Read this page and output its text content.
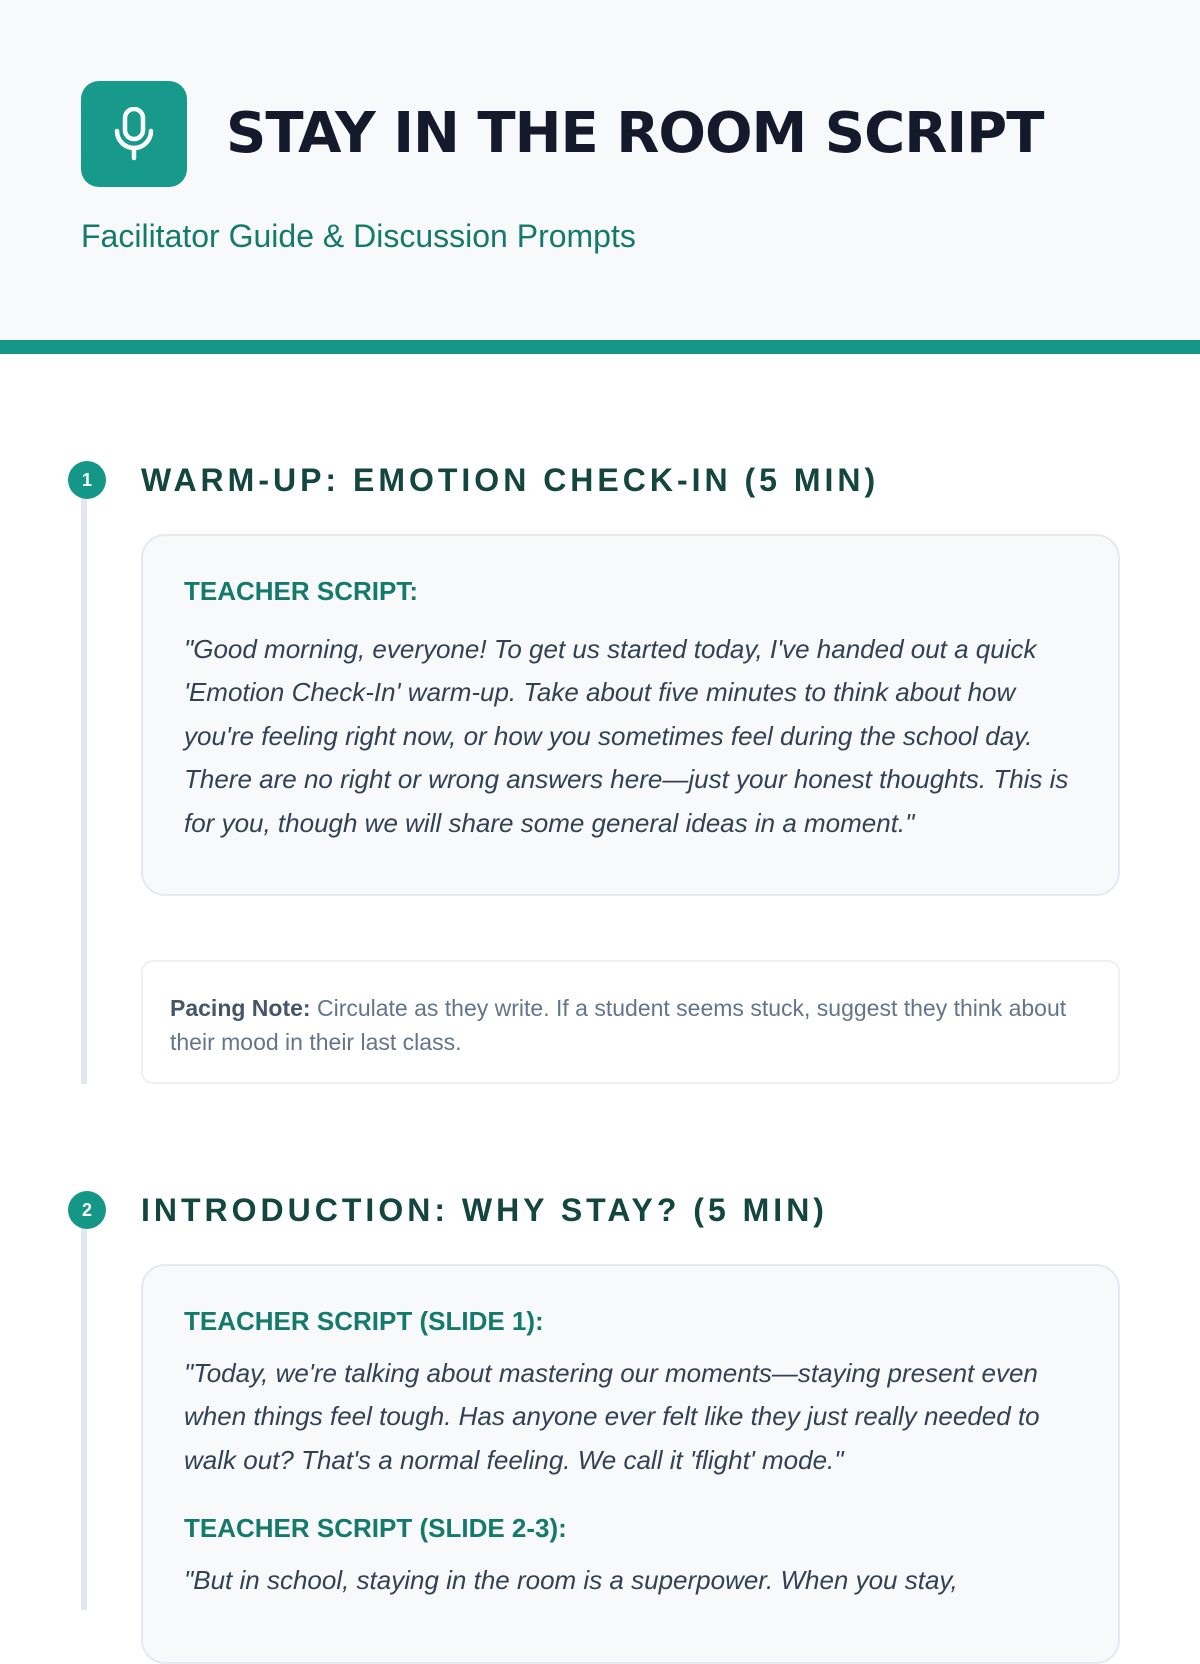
STAY IN THE ROOM SCRIPT

Facilitator Guide & Discussion Prompts

1	WARM-UP: EMOTION CHECK-IN (5 MIN)

TEACHER SCRIPT:

"Good morning, everyone! To get us started today, I've handed out a quick 'Emotion Check-In' warm-up. Take about five minutes to think about how you're feeling right now, or how you sometimes feel during the school day. There are no right or wrong answers here—just your honest thoughts. This is for you, though we will share some general ideas in a moment."

Pacing Note: Circulate as they write. If a student seems stuck, suggest they think about their mood in their last class.

2	INTRODUCTION: WHY STAY? (5 MIN)

TEACHER SCRIPT (SLIDE 1):

"Today, we're talking about mastering our moments—staying present even when things feel tough. Has anyone ever felt like they just really needed to walk out? That's a normal feeling. We call it 'flight' mode."

TEACHER SCRIPT (SLIDE 2-3):

"But in school, staying in the room is a superpower. When you stay,
